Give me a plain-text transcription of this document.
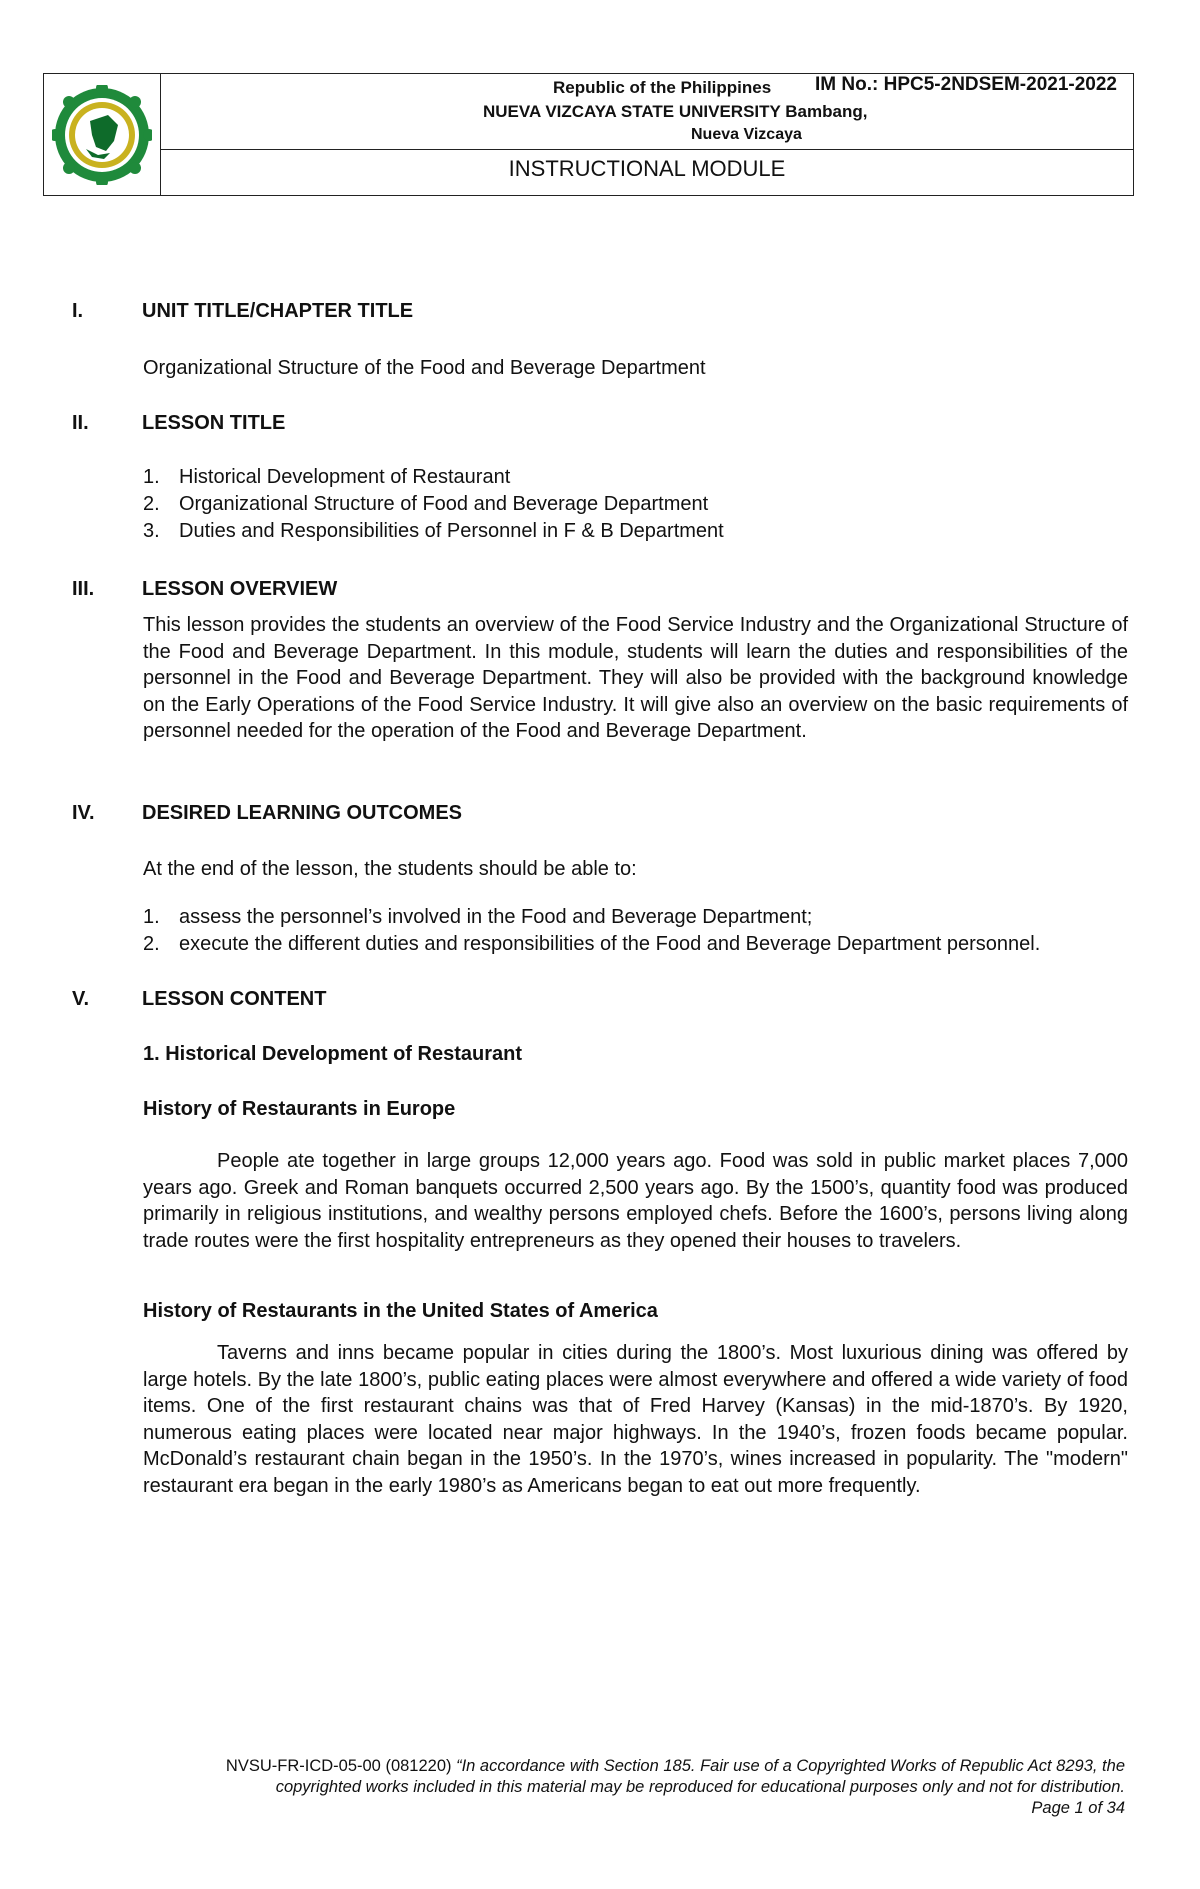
NUEVA VIZCAYA STATE UNIVERSITY Bambang,
Nueva Vizcaya
Republic of the Philippines IM No.: HPC5-2NDSEM-2021-2022
INSTRUCTIONAL MODULE
I.	UNIT TITLE/CHAPTER TITLE
Organizational Structure of the Food and Beverage Department
II.	LESSON TITLE
1. Historical Development of Restaurant
2. Organizational Structure of Food and Beverage Department
3. Duties and Responsibilities of Personnel in F & B Department
III. LESSON OVERVIEW

This lesson provides the students an overview of the Food Service Industry and the Organizational Structure of the Food and Beverage Department. In this module, students will learn the duties and responsibilities of the personnel in the Food and Beverage Department. They will also be provided with the background knowledge on the Early Operations of the Food Service Industry. It will give also an overview on the basic requirements of personnel needed for the operation of the Food and Beverage Department.

IV. DESIRED LEARNING OUTCOMES
At the end of the lesson, the students should be able to:
1. assess the personnel’s involved in the Food and Beverage Department;
2. execute the different duties and responsibilities of the Food and Beverage Department personnel.
V.	LESSON CONTENT
1. Historical Development of Restaurant
History of Restaurants in Europe

People ate together in large groups 12,000 years ago. Food was sold in public market places 7,000 years ago. Greek and Roman banquets occurred 2,500 years ago. By the 1500’s, quantity food was produced primarily in religious institutions, and wealthy persons employed chefs. Before the 1600’s, persons living along trade routes were the first hospitality entrepreneurs as they opened their houses to travelers.

History of Restaurants in the United States of America

Taverns and inns became popular in cities during the 1800’s. Most luxurious dining was offered by large hotels. By the late 1800’s, public eating places were almost everywhere and offered a wide variety of food items. One of the first restaurant chains was that of Fred Harvey (Kansas) in the mid-1870’s. By 1920, numerous eating places were located near major highways. In the 1940’s, frozen foods became popular. McDonald’s restaurant chain began in the 1950’s. In the 1970’s, wines increased in popularity. The "modern" restaurant era began in the early 1980’s as Americans began to eat out more frequently.

NVSU-FR-ICD-05-00 (081220) “In accordance with Section 185. Fair use of a Copyrighted Works of Republic Act 8293, the
copyrighted works included in this material may be reproduced for educational purposes only and not for distribution.
Page 1 of 34
